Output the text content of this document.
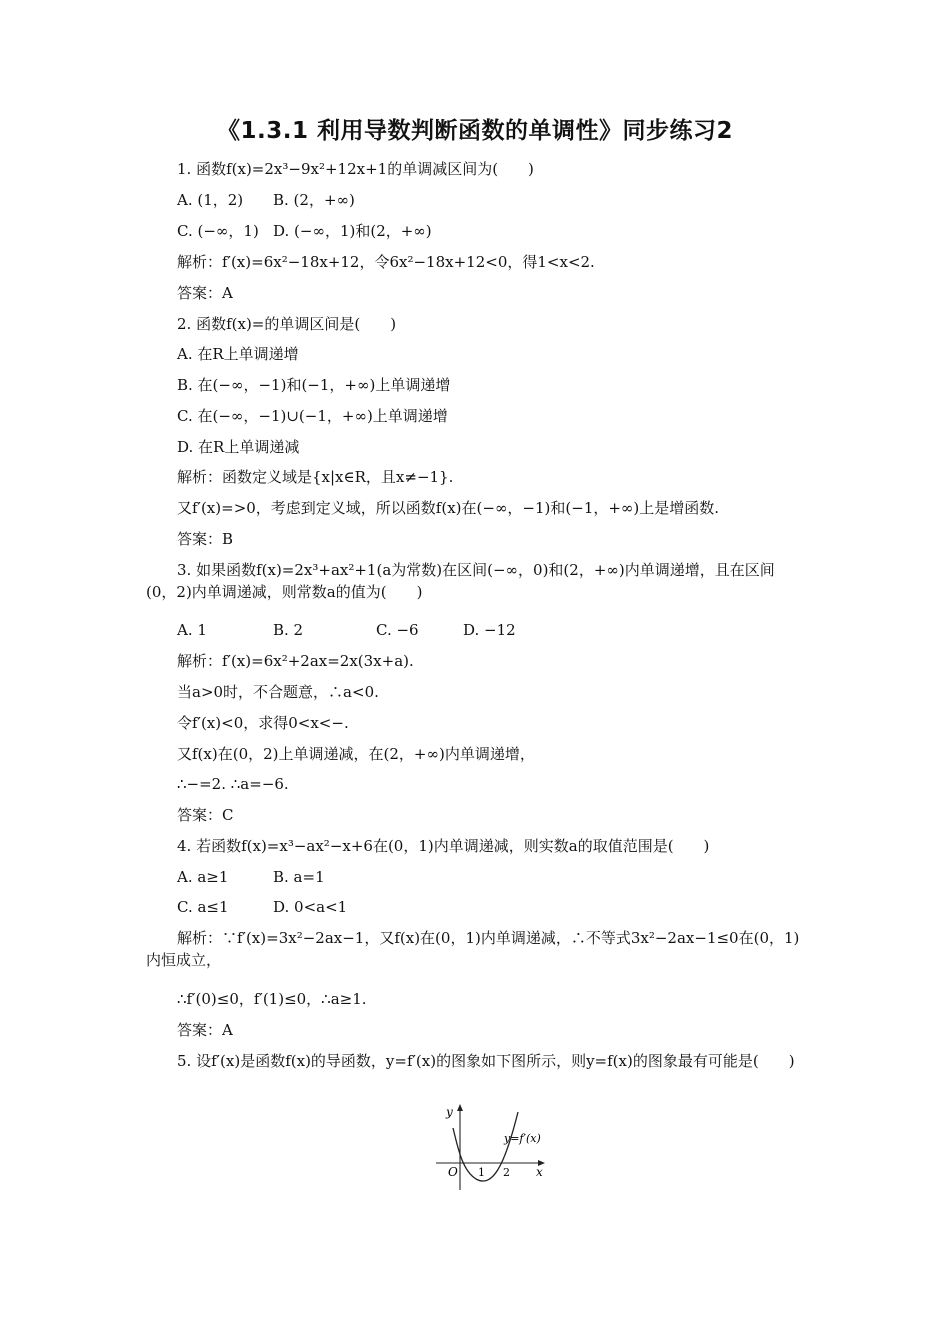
《1.3.1 利用导数判断函数的单调性》同步练习2
1. 函数f(x)=2x³−9x²+12x+1的单调减区间为(　　)
A. (1，2) B. (2，+∞)
C. (−∞，1) D. (−∞，1)和(2，+∞)
解析：f′(x)=6x²−18x+12，令6x²−18x+12<0，得1<x<2.
答案：A
2. 函数f(x)=的单调区间是(　　)
A. 在R上单调递增
B. 在(−∞，−1)和(−1，+∞)上单调递增
C. 在(−∞，−1)∪(−1，+∞)上单调递增
D. 在R上单调递减
解析：函数定义域是{x|x∈R，且x≠−1}.
又f′(x)=>0，考虑到定义域，所以函数f(x)在(−∞，−1)和(−1，+∞)上是增函数.
答案：B
3. 如果函数f(x)=2x³+ax²+1(a为常数)在区间(−∞，0)和(2，+∞)内单调递增，且在区间(0，2)内单调递减，则常数a的值为(　　)
A. 1	B. 2	C. −6	D. −12
解析：f′(x)=6x²+2ax=2x(3x+a).
当a>0时，不合题意，∴a<0.
令f′(x)<0，求得0<x<−.
又f(x)在(0，2)上单调递减，在(2，+∞)内单调递增，
∴−=2. ∴a=−6.
答案：C
4. 若函数f(x)=x³−ax²−x+6在(0，1)内单调递减，则实数a的取值范围是(　　)
A. a≥1	B. a=1
C. a≤1	D. 0<a<1
解析：∵f′(x)=3x²−2ax−1，又f(x)在(0，1)内单调递减，∴不等式3x²−2ax−1≤0在(0，1)内恒成立，
∴f′(0)≤0，f′(1)≤0，∴a≥1.
答案：A
5. 设f′(x)是函数f(x)的导函数，y=f′(x)的图象如下图所示，则y=f(x)的图象最有可能是(　　)
y
x
O 1 2
y=f′(x)
